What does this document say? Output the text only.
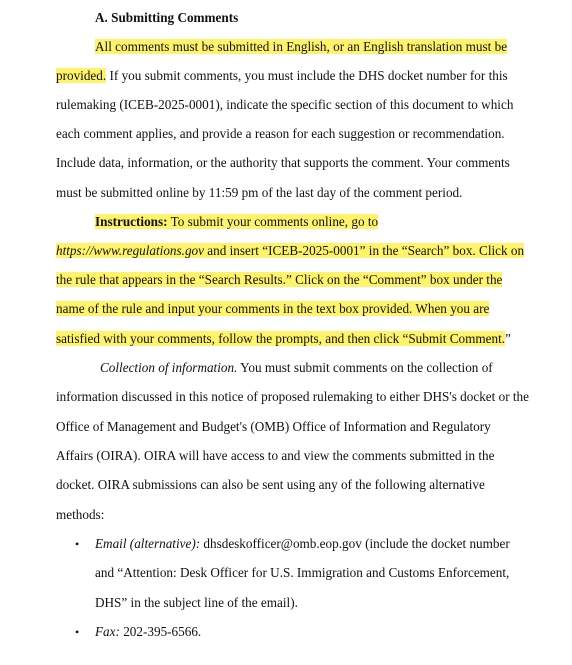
A. Submitting Comments
All comments must be submitted in English, or an English translation must be
provided. If you submit comments, you must include the DHS docket number for this
rulemaking (ICEB-2025-0001), indicate the specific section of this document to which
each comment applies, and provide a reason for each suggestion or recommendation.
Include data, information, or the authority that supports the comment. Your comments
must be submitted online by 11:59 pm of the last day of the comment period.
Instructions: To submit your comments online, go to
https://www.regulations.gov and insert “ICEB-2025-0001” in the “Search” box. Click on
the rule that appears in the “Search Results.” Click on the “Comment” box under the
name of the rule and input your comments in the text box provided. When you are
satisfied with your comments, follow the prompts, and then click “Submit Comment.”
Collection of information. You must submit comments on the collection of
information discussed in this notice of proposed rulemaking to either DHS's docket or the
Office of Management and Budget's (OMB) Office of Information and Regulatory
Affairs (OIRA). OIRA will have access to and view the comments submitted in the
docket. OIRA submissions can also be sent using any of the following alternative
methods:
• Email (alternative): dhsdeskofficer@omb.eop.gov (include the docket number
and “Attention: Desk Officer for U.S. Immigration and Customs Enforcement,
DHS” in the subject line of the email).
• Fax: 202-395-6566.
